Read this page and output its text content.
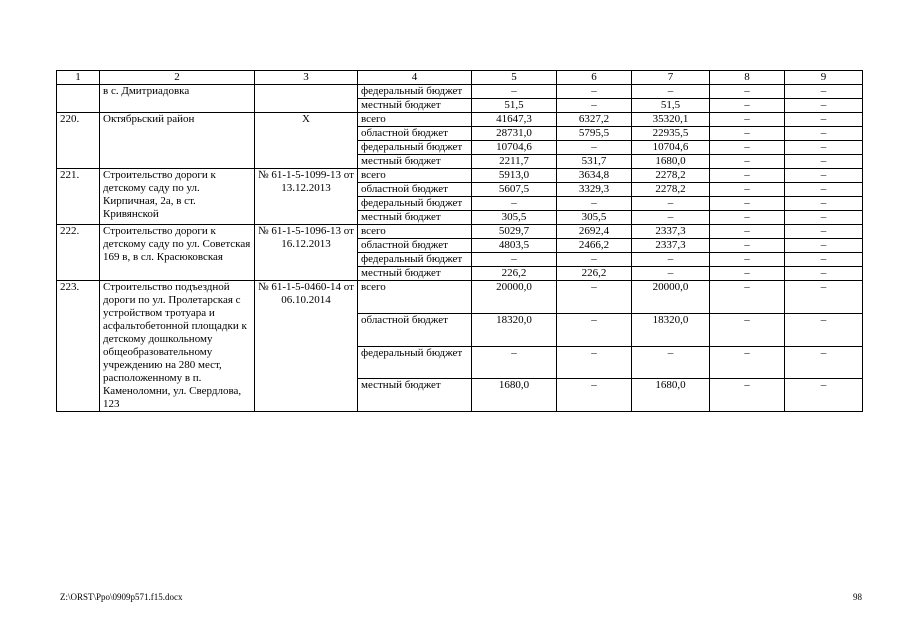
1	2	3	4	5	6	7	8	9
	в с. Дмитриадовка		федеральный бюджет	–	–	–	–	–
			местный бюджет	51,5	–	51,5	–	–
220.	Октябрьский район	Х	всего	41647,3	6327,2	35320,1	–	–
			областной бюджет	28731,0	5795,5	22935,5	–	–
			федеральный бюджет	10704,6	–	10704,6	–	–
			местный бюджет	2211,7	531,7	1680,0	–	–
221.	Строительство дороги к детскому саду по ул. Кирпичная, 2а, в ст. Кривянской	№ 61-1-5-1099-13 от 13.12.2013	всего	5913,0	3634,8	2278,2	–	–
			областной бюджет	5607,5	3329,3	2278,2	–	–
			федеральный бюджет	–	–	–	–	–
			местный бюджет	305,5	305,5	–	–	–
222.	Строительство дороги к детскому саду по ул. Советская 169 в, в сл. Красюковская	№ 61-1-5-1096-13 от 16.12.2013	всего	5029,7	2692,4	2337,3	–	–
			областной бюджет	4803,5	2466,2	2337,3	–	–
			федеральный бюджет	–	–	–	–	–
			местный бюджет	226,2	226,2	–	–	–
223.	Строительство подъездной дороги по ул. Пролетарская с устройством тротуара и асфальтобетонной площадки к детскому дошкольному общеобразовательному учреждению на 280 мест, расположенному в п. Каменоломни, ул. Свердлова, 123	№ 61-1-5-0460-14 от 06.10.2014	всего	20000,0	–	20000,0	–	–
			областной бюджет	18320,0	–	18320,0	–	–
			федеральный бюджет	–	–	–	–	–
			местный бюджет	1680,0	–	1680,0	–	–
Z:\ORST\Ppo\0909p571.f15.docx	98
